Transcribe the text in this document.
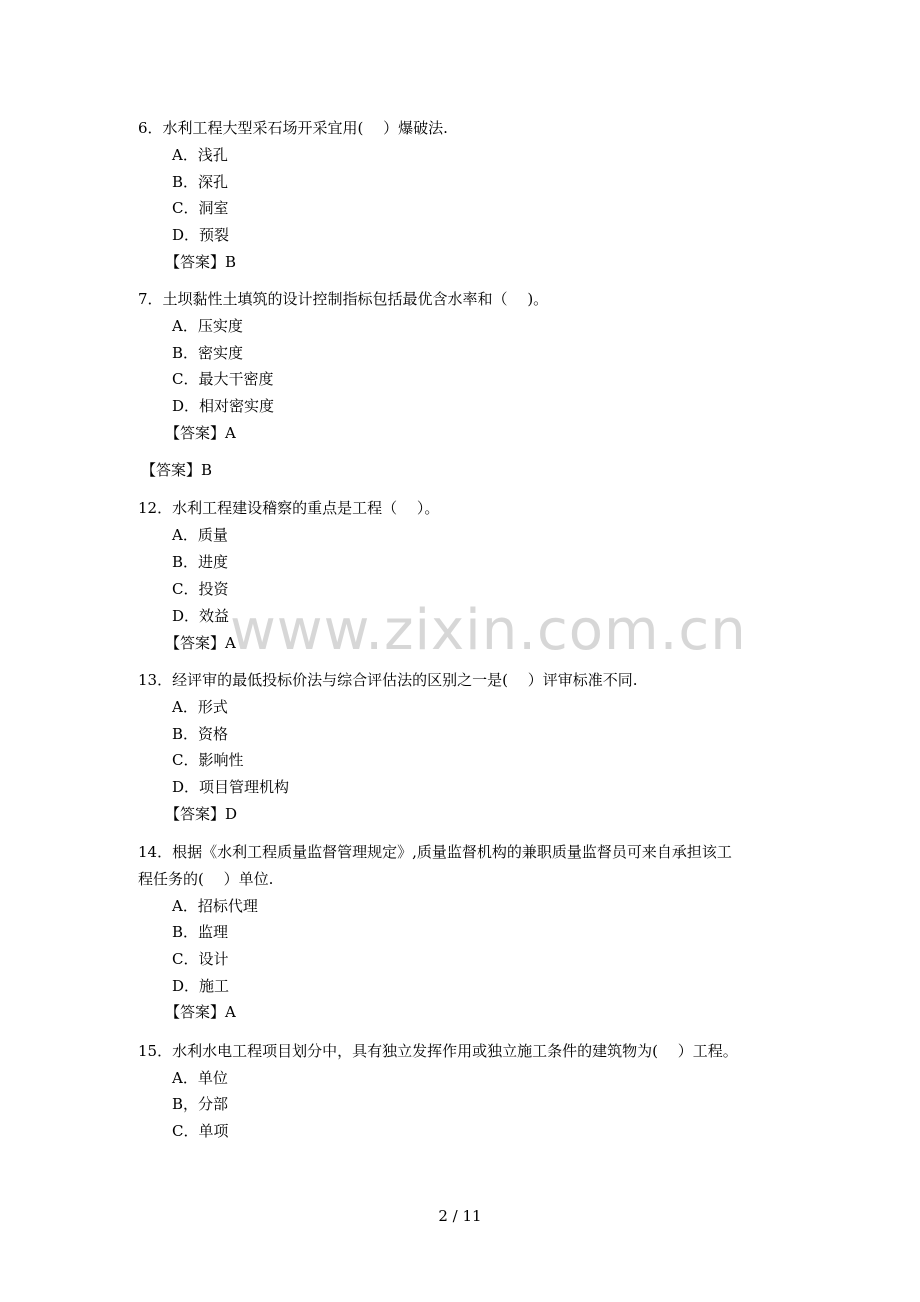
6．水利工程大型采石场开采宜用(　 ）爆破法.
A．浅孔
B．深孔
C．洞室
D．预裂
【答案】B
7．土坝黏性土填筑的设计控制指标包括最优含水率和（　 )。
A．压实度
B．密实度
C．最大干密度
D．相对密实度
【答案】A
【答案】B
12．水利工程建设稽察的重点是工程（　 ）。
A．质量
B．进度
C．投资
D．效益
【答案】A
13．经评审的最低投标价法与综合评估法的区别之一是(　 ）评审标准不同.
A．形式
B．资格
C．影响性
D．项目管理机构
【答案】D
14．根据《水利工程质量监督管理规定》,质量监督机构的兼职质量监督员可来自承担该工
程任务的(　 ）单位.
A．招标代理
B．监理
C．设计
D．施工
【答案】A
15．水利水电工程项目划分中，具有独立发挥作用或独立施工条件的建筑物为(　 ）工程。
A．单位
B，分部
C．单项
www.zixin.com.cn
2 / 11
